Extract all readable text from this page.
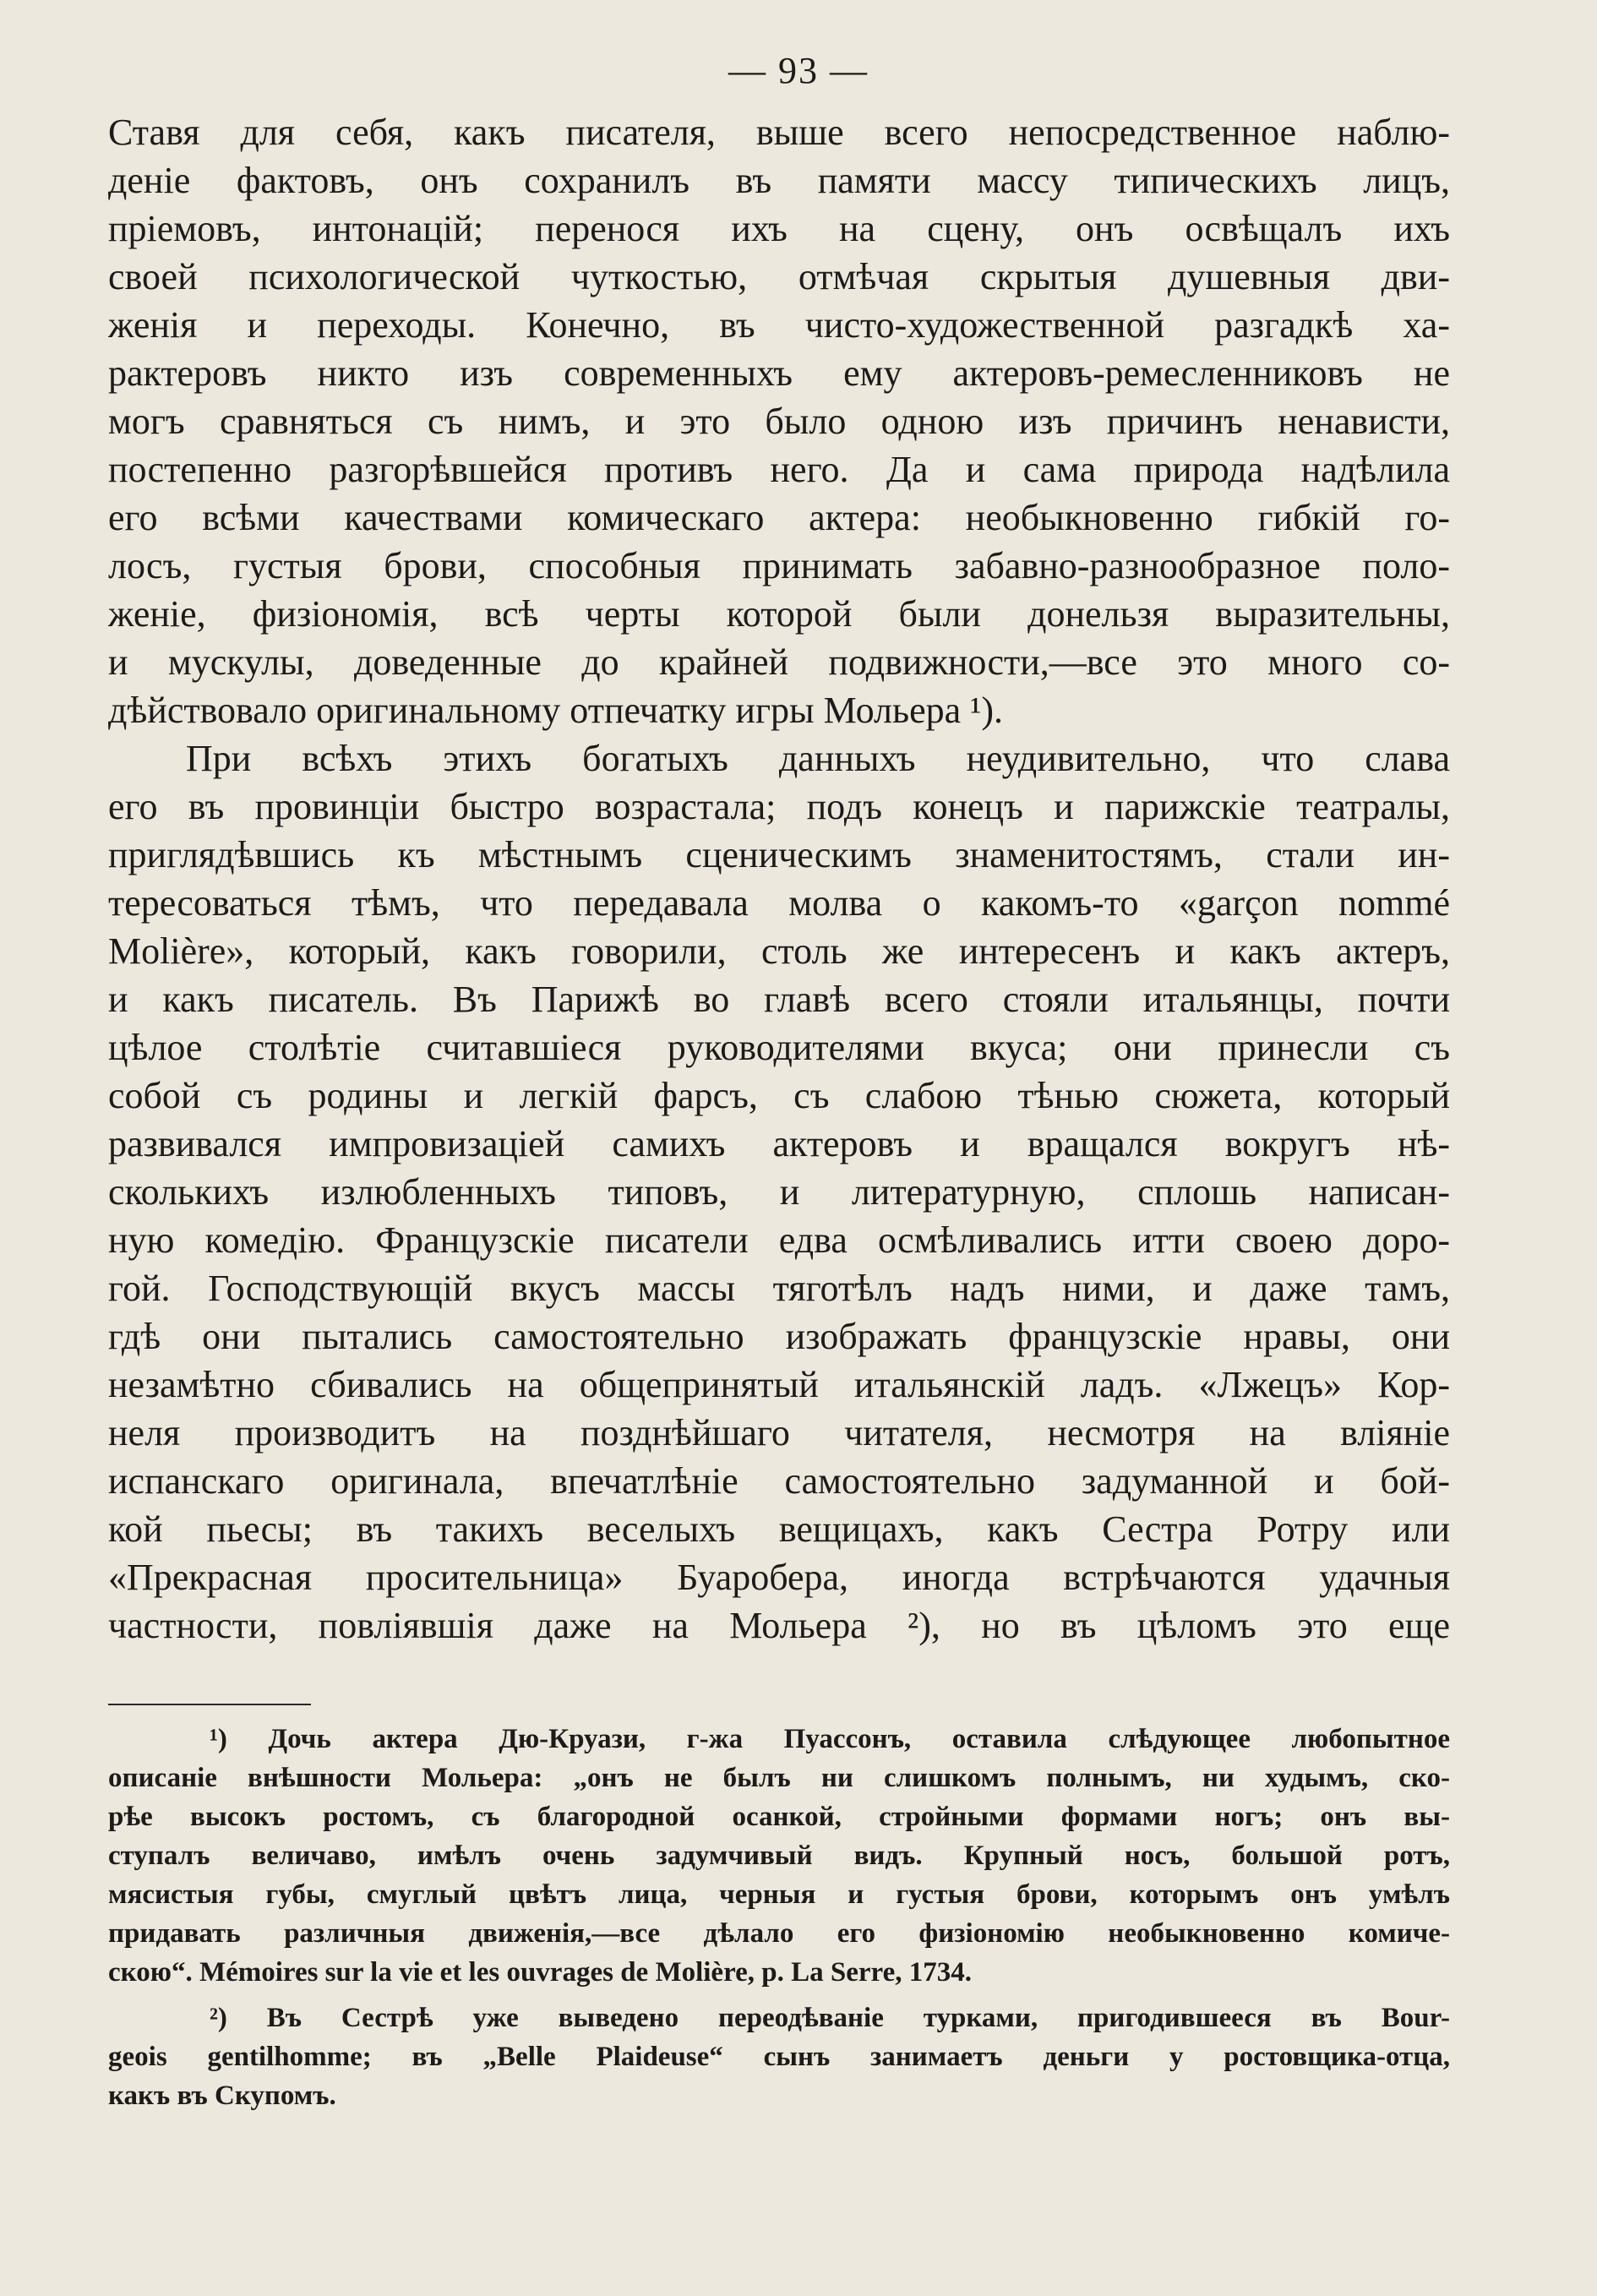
— 93 —
Ставя для себя, какъ писателя, выше всего непосредственное наблю-
деніе фактовъ, онъ сохранилъ въ памяти массу типическихъ лицъ,
пріемовъ, интонацій; перенося ихъ на сцену, онъ освѣщалъ ихъ
своей психологической чуткостью, отмѣчая скрытыя душевныя дви-
женія и переходы. Конечно, въ чисто-художественной разгадкѣ ха-
рактеровъ никто изъ современныхъ ему актеровъ-ремесленниковъ не
могъ сравняться съ нимъ, и это было одною изъ причинъ ненависти,
постепенно разгорѣвшейся противъ него. Да и сама природа надѣлила
его всѣми качествами комическаго актера: необыкновенно гибкій го-
лосъ, густыя брови, способныя принимать забавно-разнообразное поло-
женіе, физіономія, всѣ черты которой были донельзя выразительны,
и мускулы, доведенные до крайней подвижности,—все это много со-
дѣйствовало оригинальному отпечатку игры Мольера ¹).
При всѣхъ этихъ богатыхъ данныхъ неудивительно, что слава
его въ провинціи быстро возрастала; подъ конецъ и парижскіе театралы,
приглядѣвшись къ мѣстнымъ сценическимъ знаменитостямъ, стали ин-
тересоваться тѣмъ, что передавала молва о какомъ-то «garçon nommé
Molière», который, какъ говорили, столь же интересенъ и какъ актеръ,
и какъ писатель. Въ Парижѣ во главѣ всего стояли итальянцы, почти
цѣлое столѣтіе считавшіеся руководителями вкуса; они принесли съ
собой съ родины и легкій фарсъ, съ слабою тѣнью сюжета, который
развивался импровизаціей самихъ актеровъ и вращался вокругъ нѣ-
сколькихъ излюбленныхъ типовъ, и литературную, сплошь написан-
ную комедію. Французскіе писатели едва осмѣливались итти своею доро-
гой. Господствующій вкусъ массы тяготѣлъ надъ ними, и даже тамъ,
гдѣ они пытались самостоятельно изображать французскіе нравы, они
незамѣтно сбивались на общепринятый итальянскій ладъ. «Лжецъ» Кор-
неля производитъ на позднѣйшаго читателя, несмотря на вліяніе
испанскаго оригинала, впечатлѣніе самостоятельно задуманной и бой-
кой пьесы; въ такихъ веселыхъ вещицахъ, какъ Сестра Ротру или
«Прекрасная просительница» Буаробера, иногда встрѣчаются удачныя
частности, повліявшія даже на Мольера ²), но въ цѣломъ это еще
¹) Дочь актера Дю-Круази, г-жа Пуассонъ, оставила слѣдующее любопытное
описаніе внѣшности Мольера: „онъ не былъ ни слишкомъ полнымъ, ни худымъ, ско-
рѣе высокъ ростомъ, съ благородной осанкой, стройными формами ногъ; онъ вы-
ступалъ величаво, имѣлъ очень задумчивый видъ. Крупный носъ, большой ротъ,
мясистыя губы, смуглый цвѣтъ лица, черныя и густыя брови, которымъ онъ умѣлъ
придавать различныя движенія,—все дѣлало его физіономію необыкновенно комиче-
скою“. Mémoires sur la vie et les ouvrages de Molière, p. La Serre, 1734.
²) Въ Сестрѣ уже выведено переодѣваніе турками, пригодившееся въ Bour-
geois gentilhomme; въ „Belle Plaideuse“ сынъ занимаетъ деньги у ростовщика-отца,
какъ въ Скупомъ.
